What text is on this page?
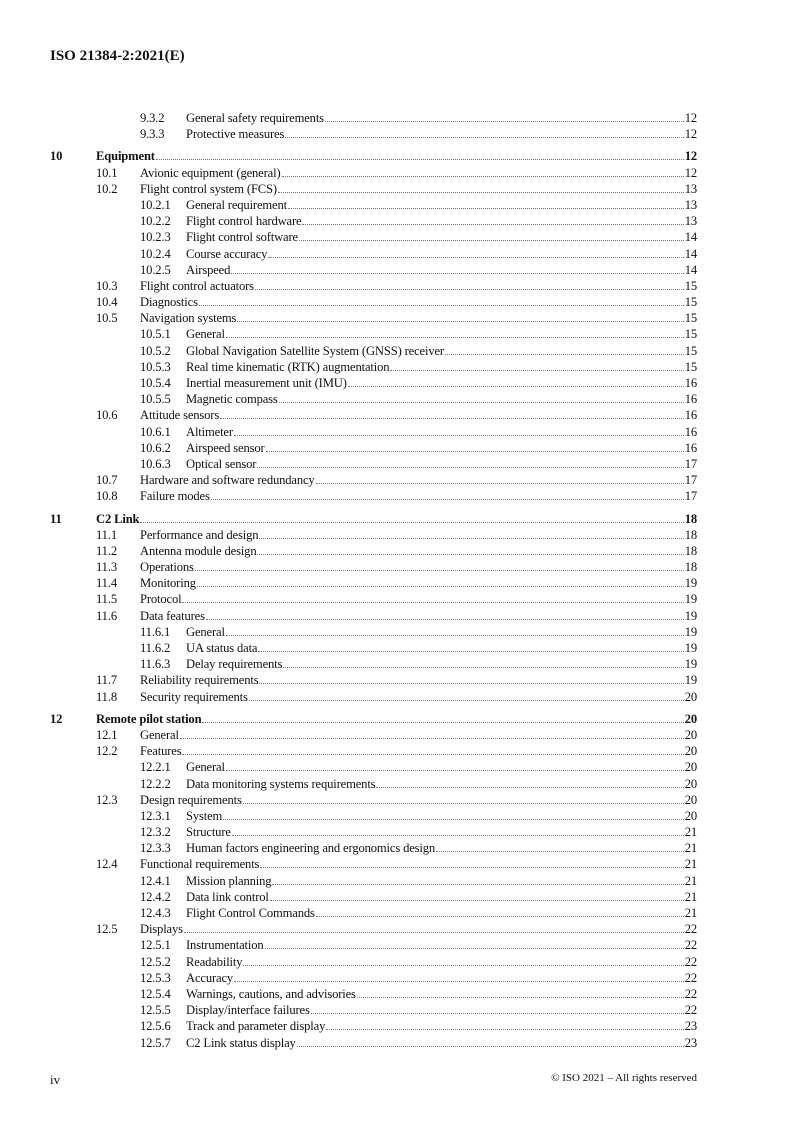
ISO 21384-2:2021(E)
9.3.2	General safety requirements	12
9.3.3	Protective measures	12
10	Equipment	12
10.1	Avionic equipment (general)	12
10.2	Flight control system (FCS)	13
10.2.1	General requirement	13
10.2.2	Flight control hardware	13
10.2.3	Flight control software	14
10.2.4	Course accuracy	14
10.2.5	Airspeed	14
10.3	Flight control actuators	15
10.4	Diagnostics	15
10.5	Navigation systems	15
10.5.1	General	15
10.5.2	Global Navigation Satellite System (GNSS) receiver	15
10.5.3	Real time kinematic (RTK) augmentation	15
10.5.4	Inertial measurement unit (IMU)	16
10.5.5	Magnetic compass	16
10.6	Attitude sensors	16
10.6.1	Altimeter	16
10.6.2	Airspeed sensor	16
10.6.3	Optical sensor	17
10.7	Hardware and software redundancy	17
10.8	Failure modes	17
11	C2 Link	18
11.1	Performance and design	18
11.2	Antenna module design	18
11.3	Operations	18
11.4	Monitoring	19
11.5	Protocol	19
11.6	Data features	19
11.6.1	General	19
11.6.2	UA status data	19
11.6.3	Delay requirements	19
11.7	Reliability requirements	19
11.8	Security requirements	20
12	Remote pilot station	20
12.1	General	20
12.2	Features	20
12.2.1	General	20
12.2.2	Data monitoring systems requirements	20
12.3	Design requirements	20
12.3.1	System	20
12.3.2	Structure	21
12.3.3	Human factors engineering and ergonomics design	21
12.4	Functional requirements	21
12.4.1	Mission planning	21
12.4.2	Data link control	21
12.4.3	Flight Control Commands	21
12.5	Displays	22
12.5.1	Instrumentation	22
12.5.2	Readability	22
12.5.3	Accuracy	22
12.5.4	Warnings, cautions, and advisories	22
12.5.5	Display/interface failures	22
12.5.6	Track and parameter display	23
12.5.7	C2 Link status display	23
iv	© ISO 2021 – All rights reserved
